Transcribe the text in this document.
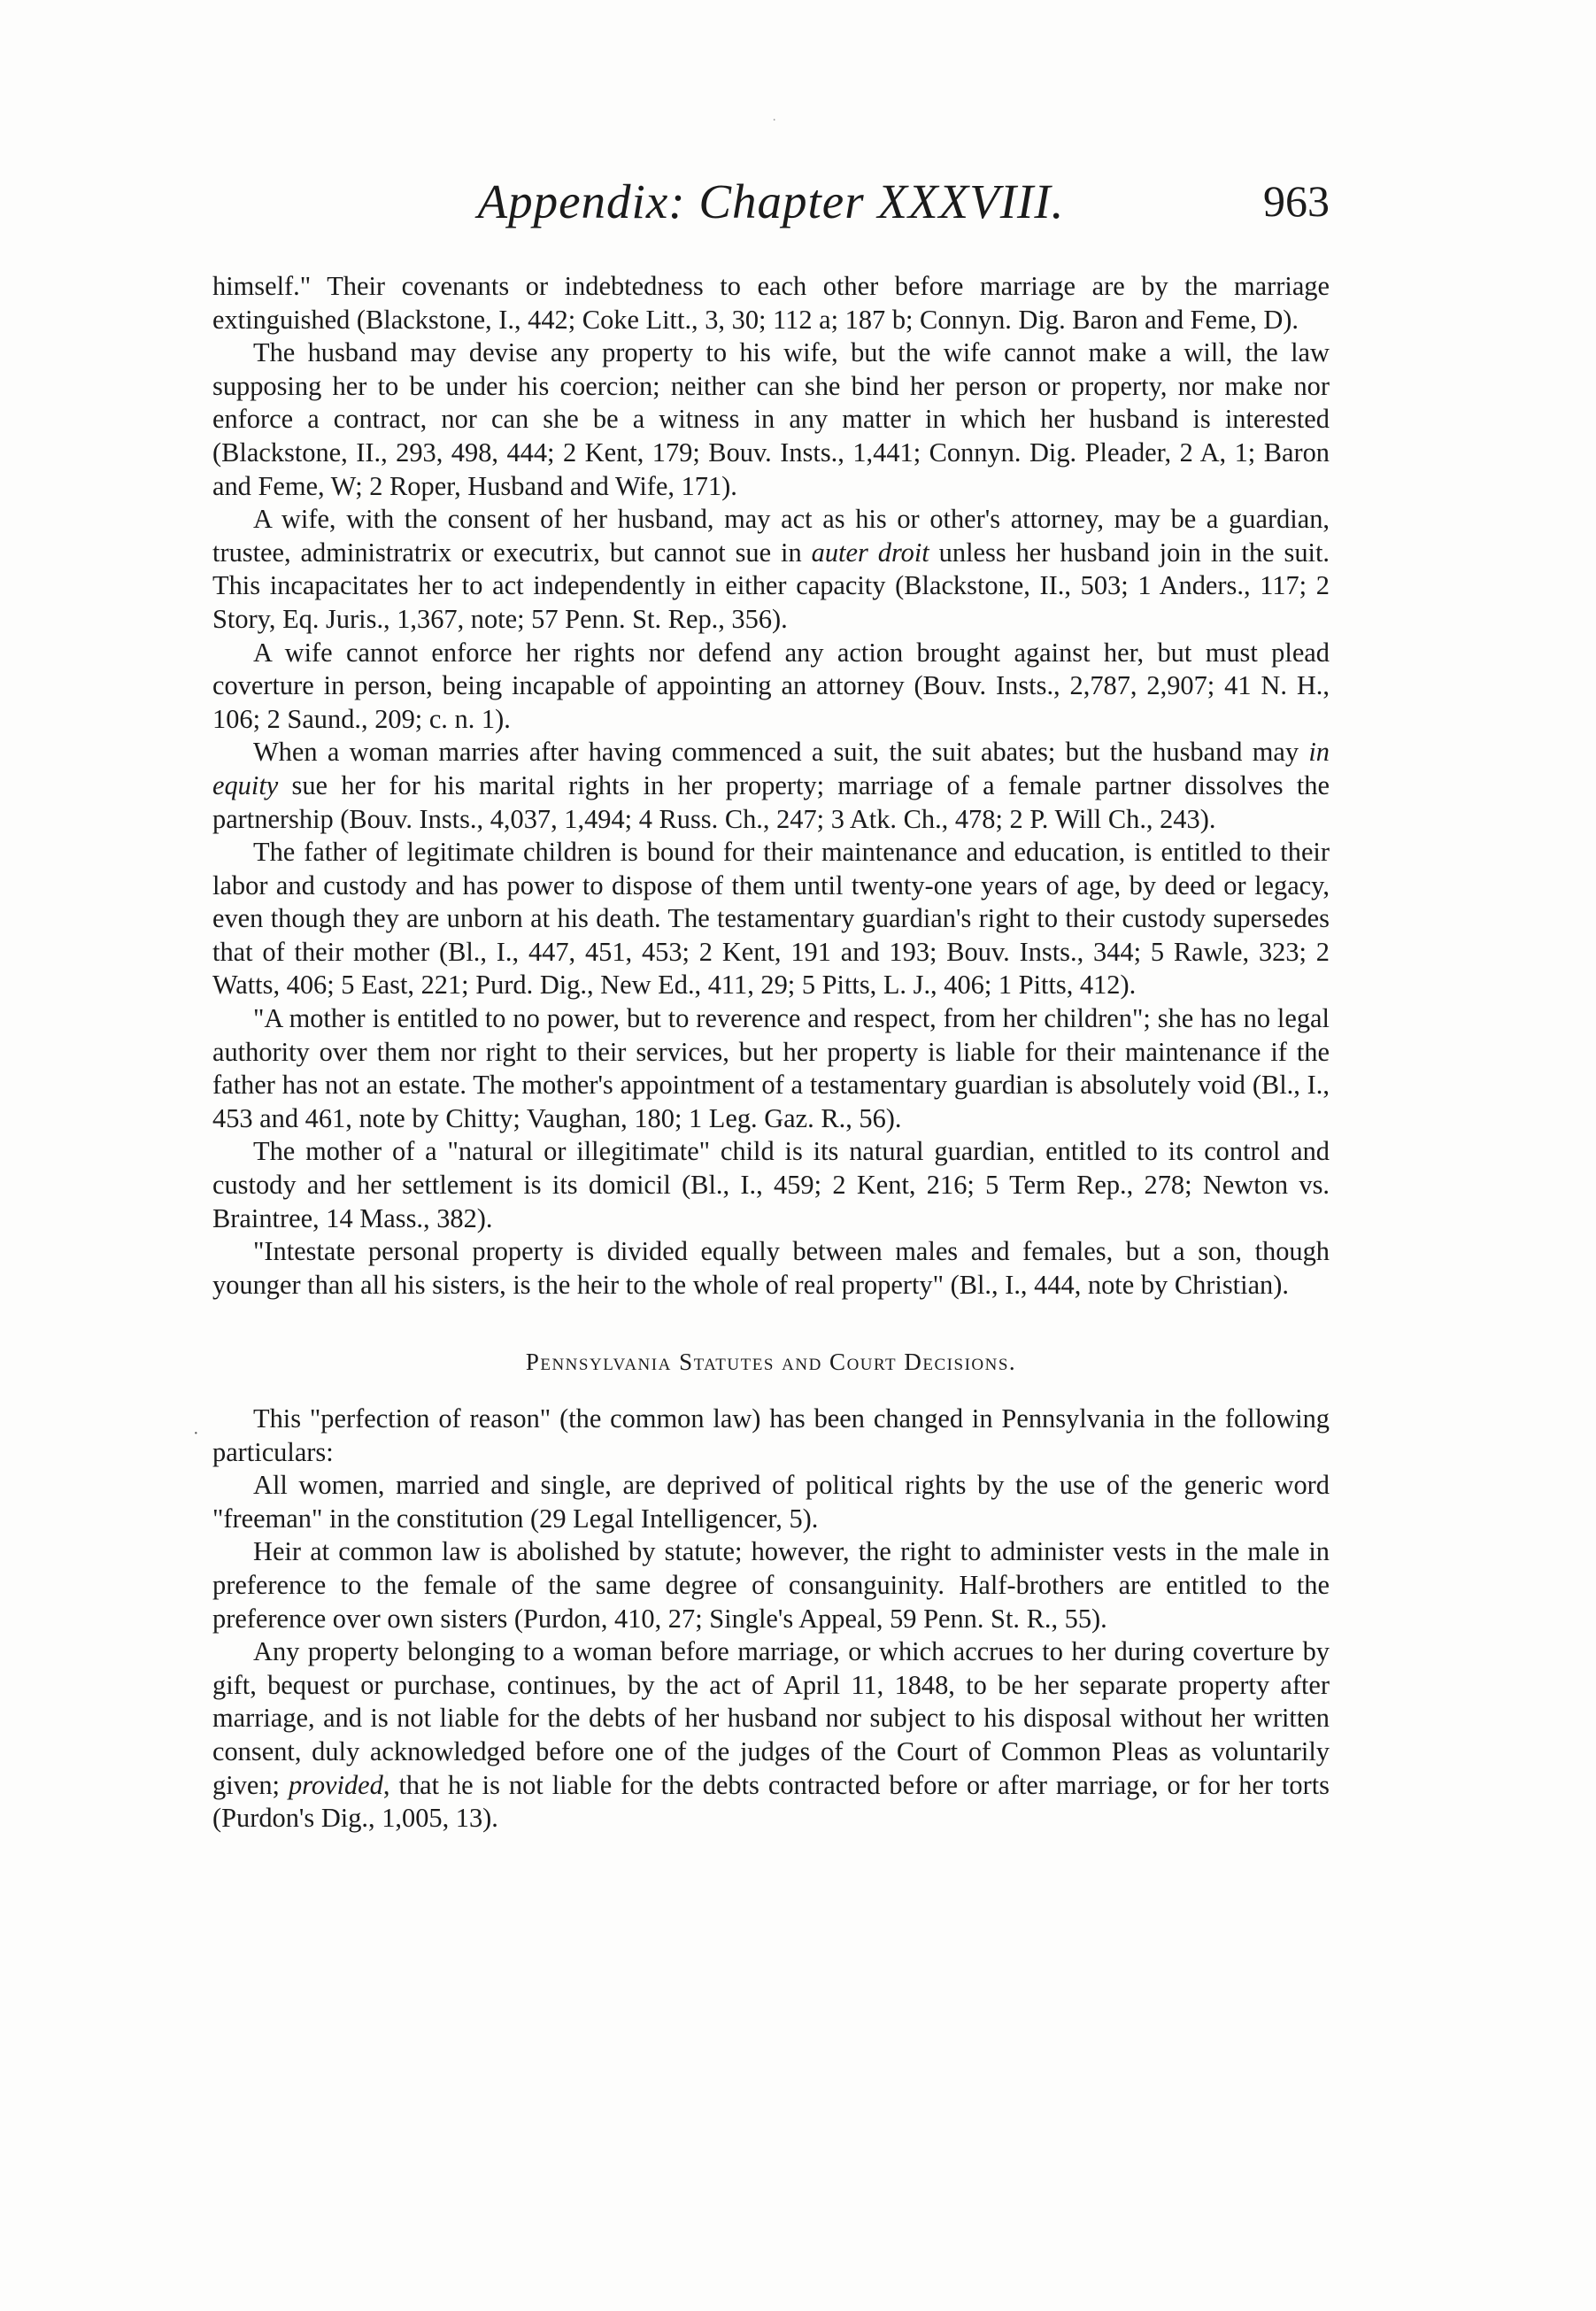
˙
Appendix: Chapter XXXVIII.	963
·

himself." Their covenants or indebtedness to each other before marriage are by the marriage extinguished (Blackstone, I., 442; Coke Litt., 3, 30; 112 a; 187 b; Connyn. Dig. Baron and Feme, D).

The husband may devise any property to his wife, but the wife cannot make a will, the law supposing her to be under his coercion; neither can she bind her person or property, nor make nor enforce a contract, nor can she be a witness in any matter in which her husband is interested (Blackstone, II., 293, 498, 444; 2 Kent, 179; Bouv. Insts., 1,441; Connyn. Dig. Pleader, 2 A, 1; Baron and Feme, W; 2 Roper, Husband and Wife, 171).

A wife, with the consent of her husband, may act as his or other's attorney, may be a guardian, trustee, administratrix or executrix, but cannot sue in auter droit unless her husband join in the suit. This incapacitates her to act independently in either capacity (Blackstone, II., 503; 1 Anders., 117; 2 Story, Eq. Juris., 1,367, note; 57 Penn. St. Rep., 356).

A wife cannot enforce her rights nor defend any action brought against her, but must plead coverture in person, being incapable of appointing an attorney (Bouv. Insts., 2,787, 2,907; 41 N. H., 106; 2 Saund., 209; c. n. 1).

When a woman marries after having commenced a suit, the suit abates; but the husband may in equity sue her for his marital rights in her property; marriage of a female partner dissolves the partnership (Bouv. Insts., 4,037, 1,494; 4 Russ. Ch., 247; 3 Atk. Ch., 478; 2 P. Will Ch., 243).

The father of legitimate children is bound for their maintenance and education, is entitled to their labor and custody and has power to dispose of them until twenty-one years of age, by deed or legacy, even though they are unborn at his death. The testamentary guardian's right to their custody supersedes that of their mother (Bl., I., 447, 451, 453; 2 Kent, 191 and 193; Bouv. Insts., 344; 5 Rawle, 323; 2 Watts, 406; 5 East, 221; Purd. Dig., New Ed., 411, 29; 5 Pitts, L. J., 406; 1 Pitts, 412).

"A mother is entitled to no power, but to reverence and respect, from her children"; she has no legal authority over them nor right to their services, but her property is liable for their maintenance if the father has not an estate. The mother's appointment of a testamentary guardian is absolutely void (Bl., I., 453 and 461, note by Chitty; Vaughan, 180; 1 Leg. Gaz. R., 56).

The mother of a "natural or illegitimate" child is its natural guardian, entitled to its control and custody and her settlement is its domicil (Bl., I., 459; 2 Kent, 216; 5 Term Rep., 278; Newton vs. Braintree, 14 Mass., 382).

"Intestate personal property is divided equally between males and females, but a son, though younger than all his sisters, is the heir to the whole of real property" (Bl., I., 444, note by Christian).

Pennsylvania Statutes and Court Decisions.

This "perfection of reason" (the common law) has been changed in Pennsylvania in the following particulars:

All women, married and single, are deprived of political rights by the use of the generic word "freeman" in the constitution (29 Legal Intelligencer, 5).

Heir at common law is abolished by statute; however, the right to administer vests in the male in preference to the female of the same degree of consanguinity. Half-brothers are entitled to the preference over own sisters (Purdon, 410, 27; Single's Appeal, 59 Penn. St. R., 55).

Any property belonging to a woman before marriage, or which accrues to her during coverture by gift, bequest or purchase, continues, by the act of April 11, 1848, to be her separate property after marriage, and is not liable for the debts of her husband nor subject to his disposal without her written consent, duly acknowledged before one of the judges of the Court of Common Pleas as voluntarily given; provided, that he is not liable for the debts contracted before or after marriage, or for her torts (Purdon's Dig., 1,005, 13).
